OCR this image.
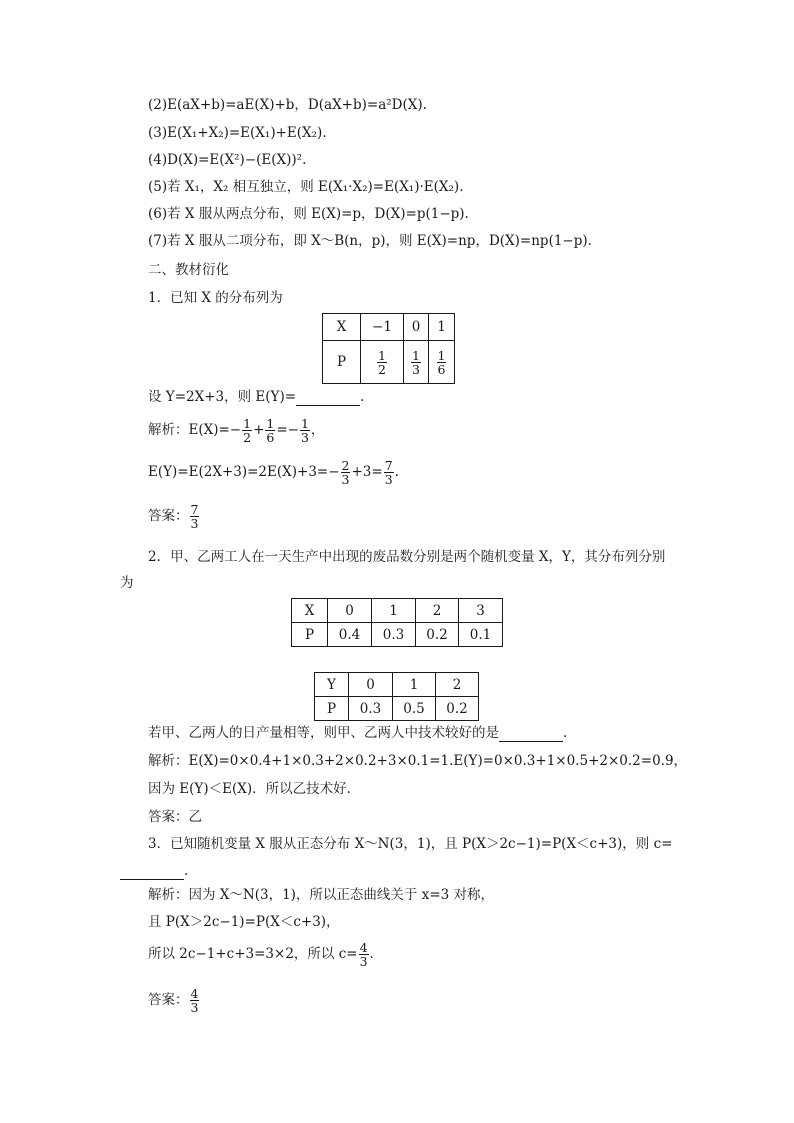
(2)E(aX+b)=aE(X)+b，D(aX+b)=a²D(X).
(3)E(X₁+X₂)=E(X₁)+E(X₂).
(4)D(X)=E(X²)−(E(X))².
(5)若 X₁，X₂ 相互独立，则 E(X₁·X₂)=E(X₁)·E(X₂).
(6)若 X 服从两点分布，则 E(X)=p，D(X)=p(1−p).
(7)若 X 服从二项分布，即 X～B(n，p)，则 E(X)=np，D(X)=np(1−p).
二、教材衍化
1．已知 X 的分布列为
X	−1	0	1
P	$\frac{1}{2}$	$\frac{1}{3}$	$\frac{1}{6}$
设 Y=2X+3，则 E(Y)=	.
解析：$E(X)=- \frac{1}{2} + \frac{1}{6} =- \frac{1}{3}$ ，
$E(Y)=E(2X+3)=2E(X)+3=- \frac{2}{3} +3= \frac{7}{3}$ .
答案： $\frac{7}{3}$
2．甲、乙两工人在一天生产中出现的废品数分别是两个随机变量 X，Y，其分布列分别
为
X	0	1	2	3
P	0.4	0.3	0.2	0.1
Y	0	1	2
P	0.3	0.5	0.2
若甲、乙两人的日产量相等，则甲、乙两人中技术较好的是	.
解析：E(X)=0×0.4+1×0.3+2×0.2+3×0.1=1.E(Y)=0×0.3+1×0.5+2×0.2=0.9，
因为 E(Y)＜E(X)．所以乙技术好.
答案：乙
3．已知随机变量 X 服从正态分布 X～N(3，1)，且 P(X＞2c−1)=P(X＜c+3)，则 c=
.
解析：因为 X～N(3，1)，所以正态曲线关于 x=3 对称，
且 P(X＞2c−1)=P(X＜c+3)，
所以 2c−1+c+3=3×2，所以 $c= \frac{4}{3}$ .
答案： $\frac{4}{3}$
